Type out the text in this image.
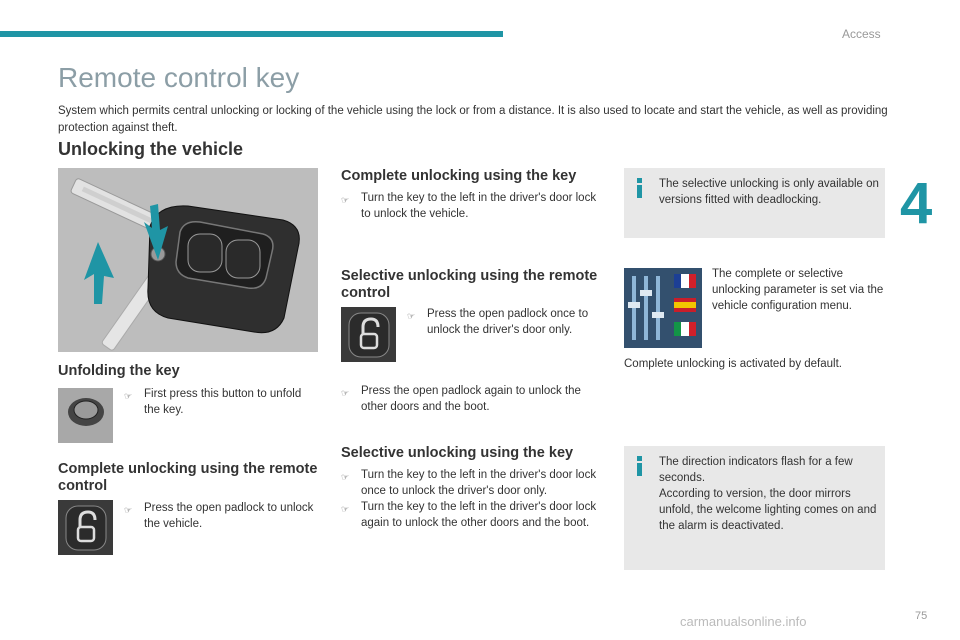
Access
4
Remote control key

System which permits central unlocking or locking of the vehicle using the lock or from a distance. It is also used to locate and start the vehicle, as well as providing protection against theft.

Unlocking the vehicle
Unfolding the key
☞	First press this button to unfold the key.
Complete unlocking using the remote control
☞	Press the open padlock to unlock the vehicle.
Complete unlocking using the key
☞	Turn the key to the left in the driver's door lock to unlock the vehicle.
Selective unlocking using the remote control
☞	Press the open padlock once to unlock the driver's door only.
☞	Press the open padlock again to unlock the other doors and the boot.
Selective unlocking using the key
☞	Turn the key to the left in the driver's door lock once to unlock the driver's door only.
☞	Turn the key to the left in the driver's door lock again to unlock the other doors and the boot.
The selective unlocking is only available on versions fitted with deadlocking.
The complete or selective unlocking parameter is set via the vehicle configuration menu.
Complete unlocking is activated by default.
The direction indicators flash for a few seconds.
According to version, the door mirrors unfold, the welcome lighting comes on and the alarm is deactivated.
carmanualsonline.info	75
